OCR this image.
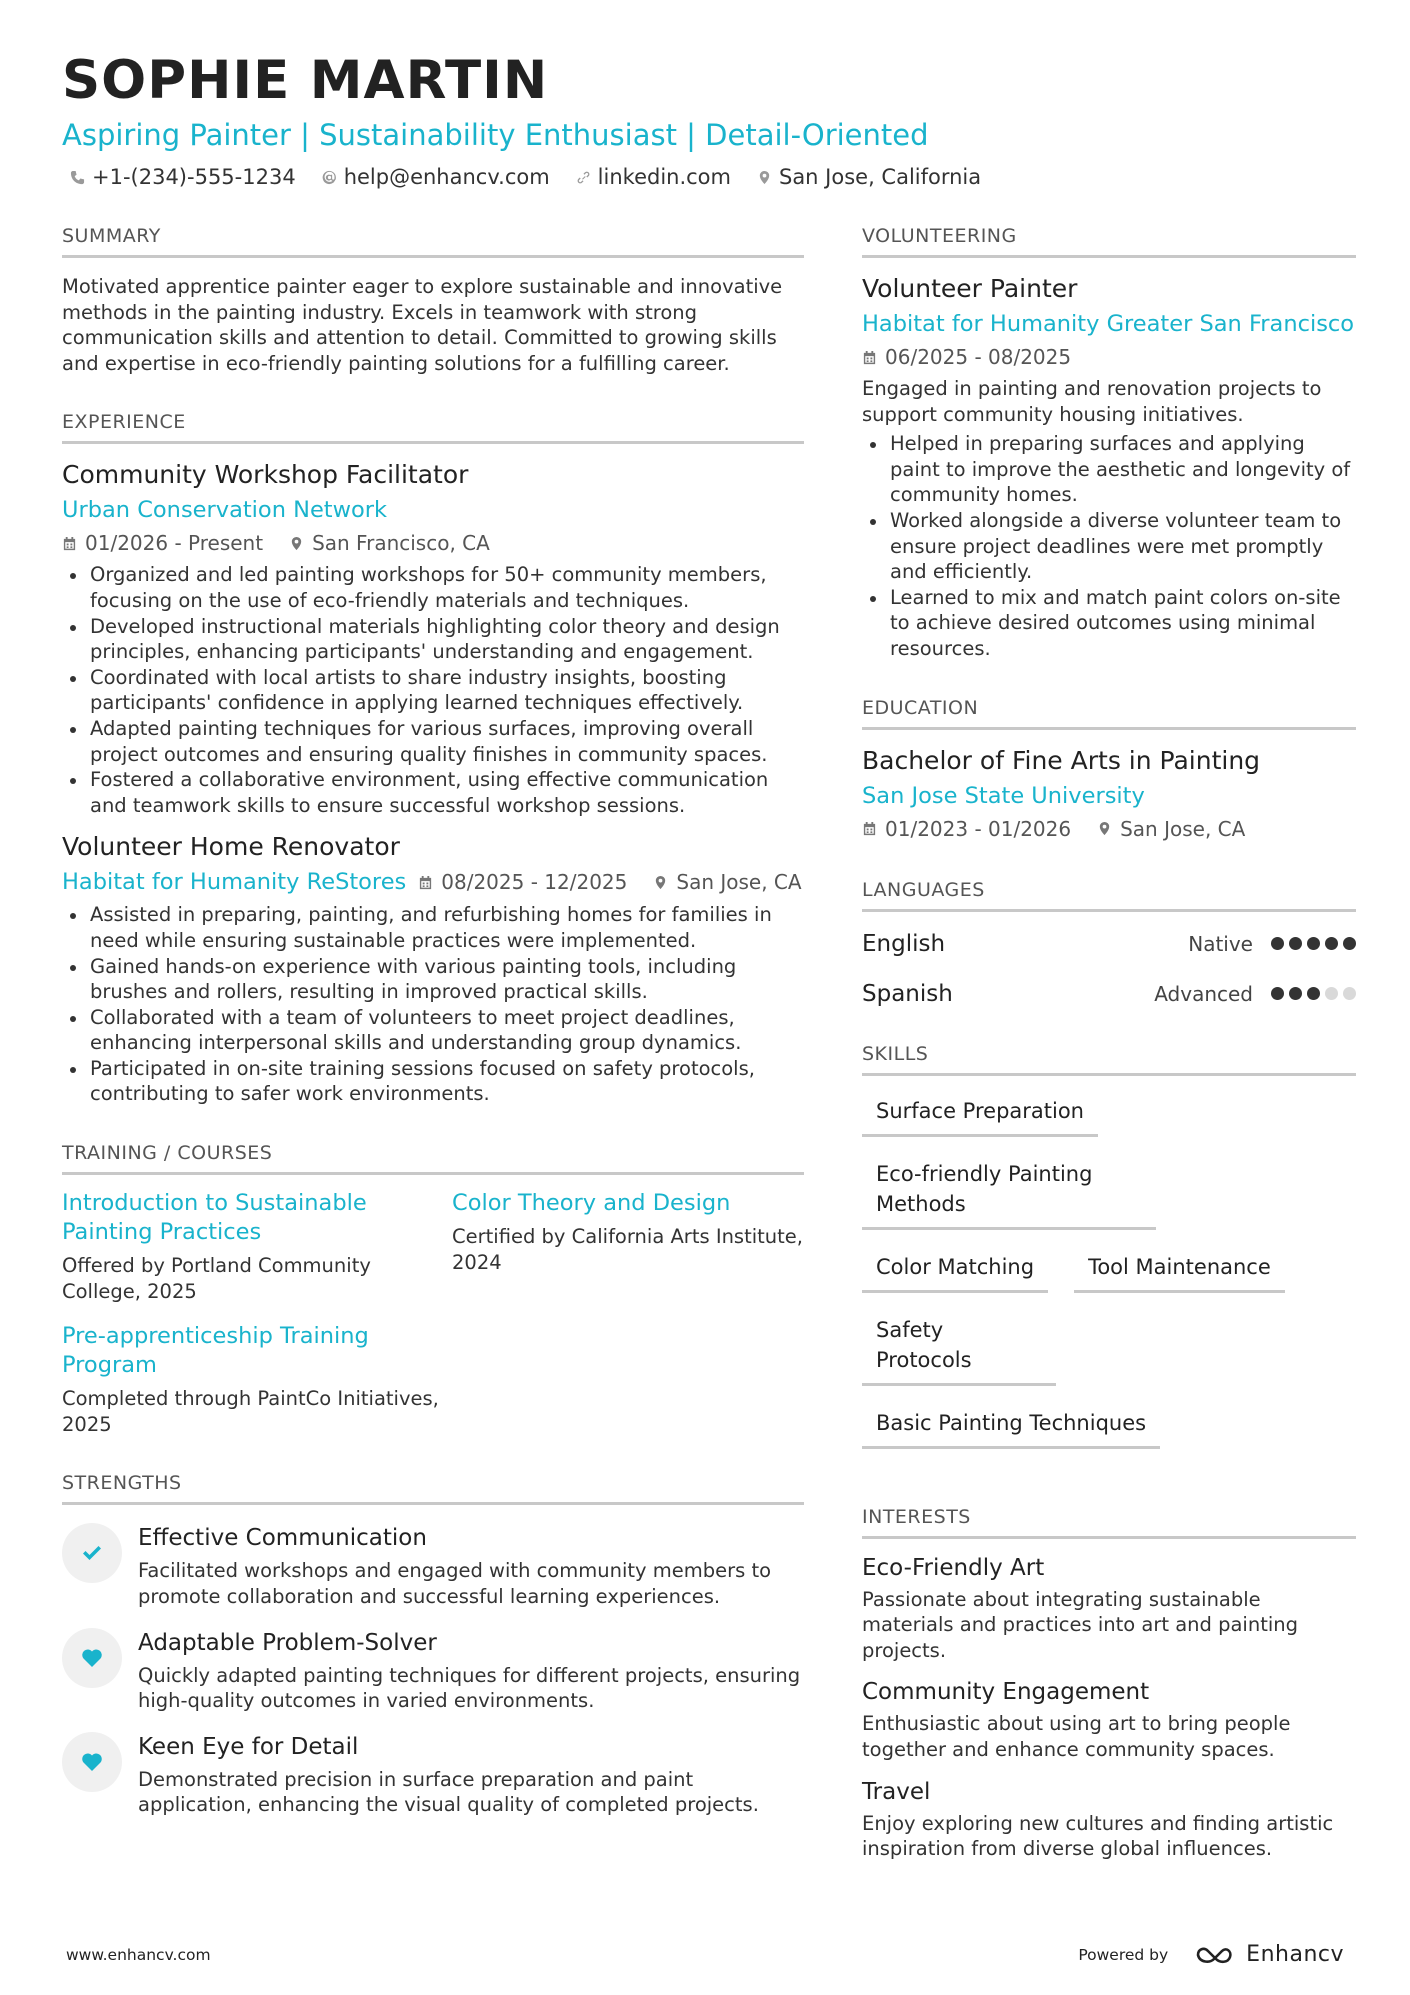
SOPHIE MARTIN
Aspiring Painter | Sustainability Enthusiast | Detail-Oriented
+1-(234)-555-1234 help@enhancv.com linkedin.com San Jose, California
SUMMARY
Motivated apprentice painter eager to explore sustainable and innovative methods in the painting industry. Excels in teamwork with strong communication skills and attention to detail. Committed to growing skills and expertise in eco-friendly painting solutions for a fulfilling career.
EXPERIENCE
Community Workshop Facilitator
Urban Conservation Network
01/2026 - Present San Francisco, CA
Organized and led painting workshops for 50+ community members, focusing on the use of eco-friendly materials and techniques.
Developed instructional materials highlighting color theory and design principles, enhancing participants' understanding and engagement.
Coordinated with local artists to share industry insights, boosting participants' confidence in applying learned techniques effectively.
Adapted painting techniques for various surfaces, improving overall project outcomes and ensuring quality finishes in community spaces.
Fostered a collaborative environment, using effective communication and teamwork skills to ensure successful workshop sessions.
Volunteer Home Renovator
Habitat for Humanity ReStores 08/2025 - 12/2025 San Jose, CA
Assisted in preparing, painting, and refurbishing homes for families in need while ensuring sustainable practices were implemented.
Gained hands-on experience with various painting tools, including brushes and rollers, resulting in improved practical skills.
Collaborated with a team of volunteers to meet project deadlines, enhancing interpersonal skills and understanding group dynamics.
Participated in on-site training sessions focused on safety protocols, contributing to safer work environments.
TRAINING / COURSES
Introduction to Sustainable Painting Practices
Offered by Portland Community College, 2025
Color Theory and Design
Certified by California Arts Institute, 2024
Pre-apprenticeship Training Program
Completed through PaintCo Initiatives, 2025
STRENGTHS
Effective Communication
Facilitated workshops and engaged with community members to promote collaboration and successful learning experiences.
Adaptable Problem-Solver
Quickly adapted painting techniques for different projects, ensuring high-quality outcomes in varied environments.
Keen Eye for Detail
Demonstrated precision in surface preparation and paint application, enhancing the visual quality of completed projects.
VOLUNTEERING
Volunteer Painter
Habitat for Humanity Greater San Francisco
06/2025 - 08/2025
Engaged in painting and renovation projects to support community housing initiatives.
Helped in preparing surfaces and applying paint to improve the aesthetic and longevity of community homes.
Worked alongside a diverse volunteer team to ensure project deadlines were met promptly and efficiently.
Learned to mix and match paint colors on-site to achieve desired outcomes using minimal resources.
EDUCATION
Bachelor of Fine Arts in Painting
San Jose State University
01/2023 - 01/2026 San Jose, CA
LANGUAGES
English	Native
Spanish	Advanced
SKILLS
Surface Preparation
Eco-friendly Painting Methods
Color Matching	Tool Maintenance
Safety Protocols
Basic Painting Techniques
INTERESTS
Eco-Friendly Art
Passionate about integrating sustainable materials and practices into art and painting projects.
Community Engagement
Enthusiastic about using art to bring people together and enhance community spaces.
Travel
Enjoy exploring new cultures and finding artistic inspiration from diverse global influences.
www.enhancv.com	Powered by	Enhancv
